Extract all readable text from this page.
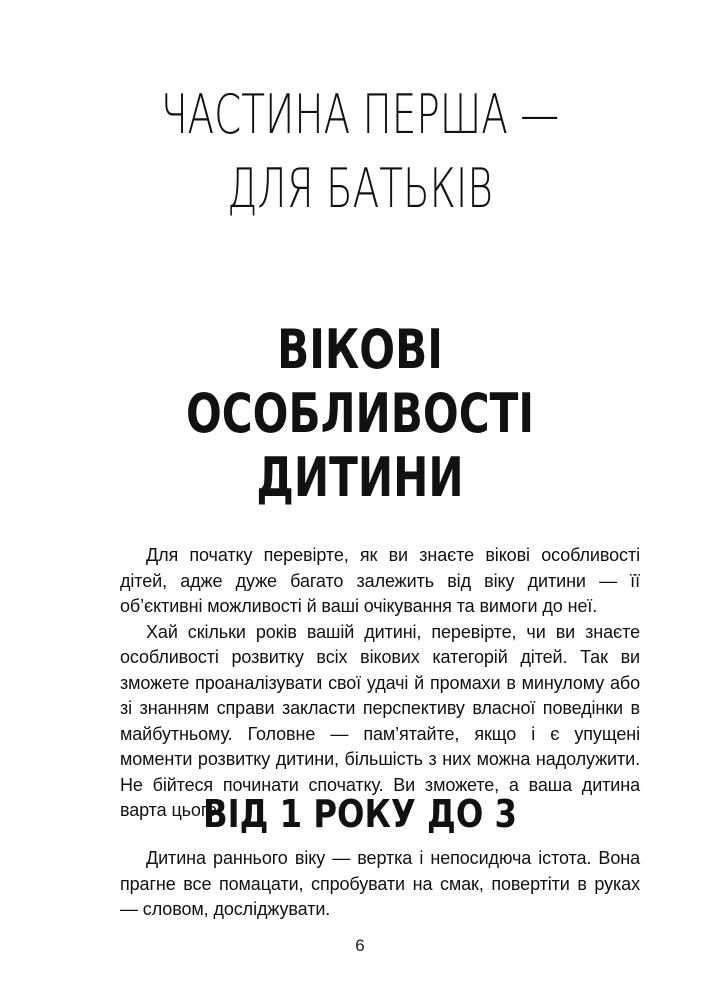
ЧАСТИНА ПЕРША —
ДЛЯ БАТЬКІВ
ВІКОВІ
ОСОБЛИВОСТІ
ДИТИНИ

Для початку перевірте, як ви знаєте вікові особливості дітей, адже дуже багато залежить від віку дитини — її об’єктивні можливості й ваші очікування та вимоги до неї.

Хай скільки років вашій дитині, перевірте, чи ви знаєте особливості розвитку всіх вікових категорій дітей. Так ви зможете проаналізувати свої удачі й промахи в минулому або зі знанням справи закласти перспективу власної поведінки в майбутньому. Головне — пам’ятайте, якщо і є упущені моменти розвитку дитини, більшість з них можна надолужити. Не бійтеся починати спочатку. Ви зможете, а ваша дитина варта цього!

ВІД 1 РОКУ ДО 3

Дитина раннього віку — вертка і непосидюча істота. Вона прагне все помацати, спробувати на смак, повертіти в руках — словом, досліджувати.

6
